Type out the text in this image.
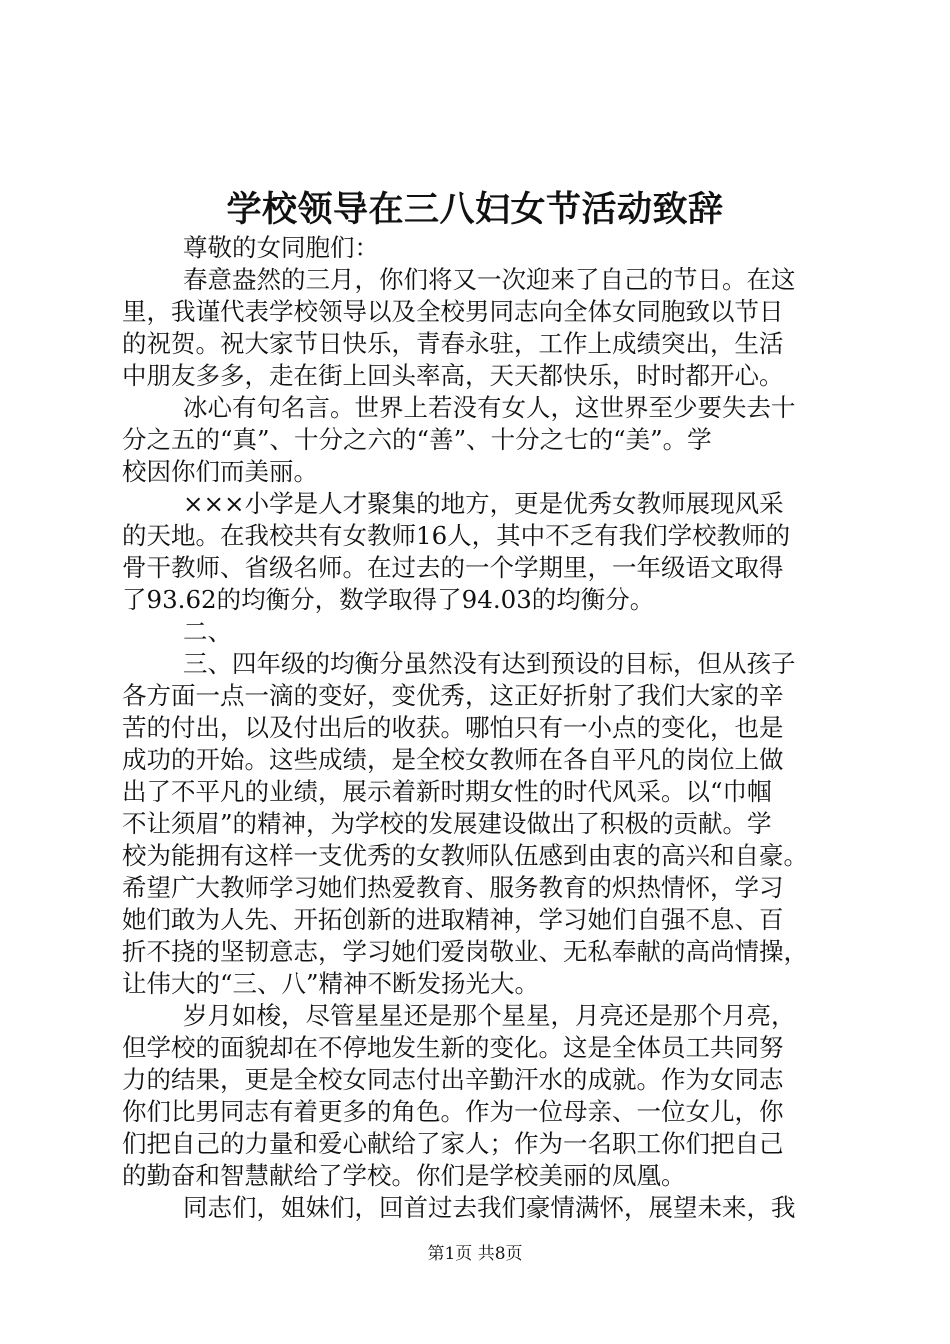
学校领导在三八妇女节活动致辞
尊敬的女同胞们：
春意盎然的三月，你们将又一次迎来了自己的节日。在这
里，我谨代表学校领导以及全校男同志向全体女同胞致以节日
的祝贺。祝大家节日快乐，青春永驻，工作上成绩突出，生活
中朋友多多，走在街上回头率高，天天都快乐，时时都开心。
冰心有句名言。世界上若没有女人，这世界至少要失去十
分之五的“真”、十分之六的“善”、十分之七的“美”。学
校因你们而美丽。
×××小学是人才聚集的地方，更是优秀女教师展现风采
的天地。在我校共有女教师16人，其中不乏有我们学校教师的
骨干教师、省级名师。在过去的一个学期里，一年级语文取得
了93.62的均衡分，数学取得了94.03的均衡分。
二、
三、四年级的均衡分虽然没有达到预设的目标，但从孩子
各方面一点一滴的变好，变优秀，这正好折射了我们大家的辛
苦的付出，以及付出后的收获。哪怕只有一小点的变化，也是
成功的开始。这些成绩，是全校女教师在各自平凡的岗位上做
出了不平凡的业绩，展示着新时期女性的时代风采。以“巾帼
不让须眉”的精神，为学校的发展建设做出了积极的贡献。学
校为能拥有这样一支优秀的女教师队伍感到由衷的高兴和自豪。
希望广大教师学习她们热爱教育、服务教育的炽热情怀，学习
她们敢为人先、开拓创新的进取精神，学习她们自强不息、百
折不挠的坚韧意志，学习她们爱岗敬业、无私奉献的高尚情操，
让伟大的“三、八”精神不断发扬光大。
岁月如梭，尽管星星还是那个星星，月亮还是那个月亮，
但学校的面貌却在不停地发生新的变化。这是全体员工共同努
力的结果，更是全校女同志付出辛勤汗水的成就。作为女同志
你们比男同志有着更多的角色。作为一位母亲、一位女儿，你
们把自己的力量和爱心献给了家人；作为一名职工你们把自己
的勤奋和智慧献给了学校。你们是学校美丽的凤凰。
同志们，姐妹们，回首过去我们豪情满怀，展望未来，我
第1页 共8页
